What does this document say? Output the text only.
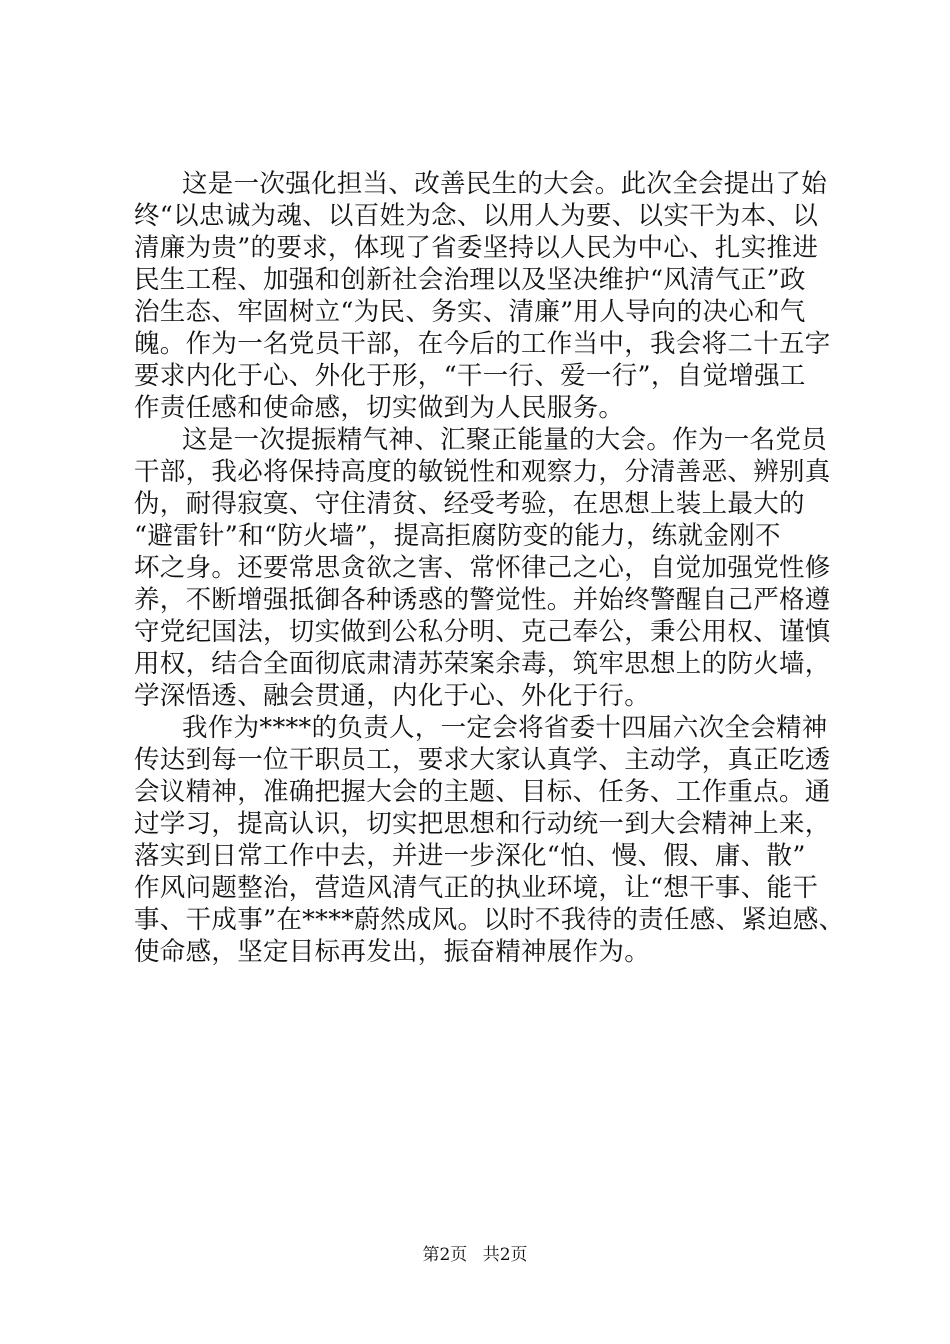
这是一次强化担当、改善民生的大会。此次全会提出了始
终“以忠诚为魂、以百姓为念、以用人为要、以实干为本、以
清廉为贵”的要求，体现了省委坚持以人民为中心、扎实推进
民生工程、加强和创新社会治理以及坚决维护“风清气正”政
治生态、牢固树立“为民、务实、清廉”用人导向的决心和气
魄。作为一名党员干部，在今后的工作当中，我会将二十五字
要求内化于心、外化于形，“干一行、爱一行”，自觉增强工
作责任感和使命感，切实做到为人民服务。
这是一次提振精气神、汇聚正能量的大会。作为一名党员
干部，我必将保持高度的敏锐性和观察力，分清善恶、辨别真
伪，耐得寂寞、守住清贫、经受考验，在思想上装上最大的
“避雷针”和“防火墙”，提高拒腐防变的能力，练就金刚不
坏之身。还要常思贪欲之害、常怀律己之心，自觉加强党性修
养，不断增强抵御各种诱惑的警觉性。并始终警醒自己严格遵
守党纪国法，切实做到公私分明、克己奉公，秉公用权、谨慎
用权，结合全面彻底肃清苏荣案余毒，筑牢思想上的防火墙，
学深悟透、融会贯通，内化于心、外化于行。
我作为****的负责人，一定会将省委十四届六次全会精神
传达到每一位干职员工，要求大家认真学、主动学，真正吃透
会议精神，准确把握大会的主题、目标、任务、工作重点。通
过学习，提高认识，切实把思想和行动统一到大会精神上来，
落实到日常工作中去，并进一步深化“怕、慢、假、庸、散”
作风问题整治，营造风清气正的执业环境，让“想干事、能干
事、干成事”在****蔚然成风。以时不我待的责任感、紧迫感、
使命感，坚定目标再发出，振奋精神展作为。
第2页 共2页
